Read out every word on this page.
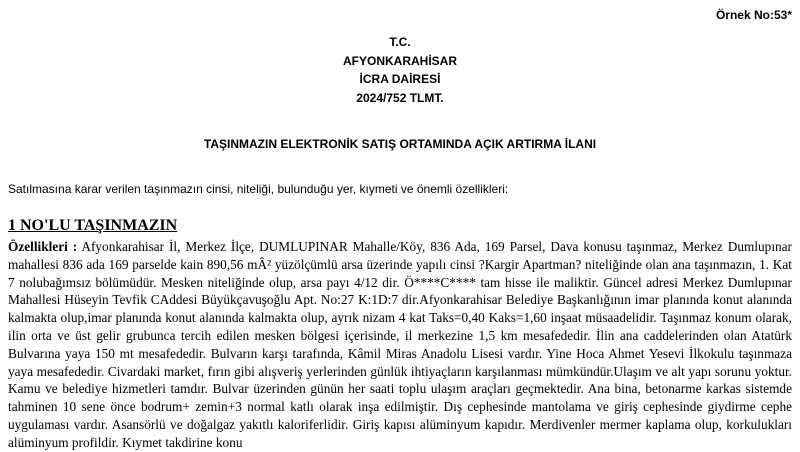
Örnek No:53*
T.C.
AFYONKARAHİSAR
İCRA DAİRESİ
2024/752 TLMT.
TAŞINMAZIN ELEKTRONİK SATIŞ ORTAMINDA AÇIK ARTIRMA İLANI
Satılmasına karar verilen taşınmazın cinsi, niteliği, bulunduğu yer, kıymeti ve önemli özellikleri:
1 NO'LU TAŞINMAZIN
Özellikleri : Afyonkarahisar İl, Merkez İlçe, DUMLUPINAR Mahalle/Köy, 836 Ada, 169 Parsel, Dava konusu taşınmaz, Merkez Dumlupınar mahallesi 836 ada 169 parselde kain 890,56 mÂ² yüzölçümlü arsa üzerinde yapılı cinsi ?Kargir Apartman? niteliğinde olan ana taşınmazın, 1. Kat 7 nolubağımsız bölümüdür. Mesken niteliğinde olup, arsa payı 4/12 dir. Ö****C**** tam hisse ile maliktir. Güncel adresi Merkez Dumlupınar Mahallesi Hüseyin Tevfik CAddesi Büyükçavuşoğlu Apt. No:27 K:1D:7 dir.Afyonkarahisar Belediye Başkanlığının imar planında konut alanında kalmakta olup,imar planında konut alanında kalmakta olup, ayrık nizam 4 kat Taks=0,40 Kaks=1,60 inşaat müsaadelidir. Taşınmaz konum olarak, ilin orta ve üst gelir grubunca tercih edilen mesken bölgesi içerisinde, il merkezine 1,5 km mesafededir. İlin ana caddelerinden olan Atatürk Bulvarına yaya 150 mt mesafededir. Bulvarın karşı tarafında, Kâmil Miras Anadolu Lisesi vardır. Yine Hoca Ahmet Yesevi İlkokulu taşınmaza yaya mesafededir. Civardaki market, fırın gibi alışveriş yerlerinden günlük ihtiyaçların karşılanması mümkündür.Ulaşım ve alt yapı sorunu yoktur. Kamu ve belediye hizmetleri tamdır. Bulvar üzerinden günün her saati toplu ulaşım araçları geçmektedir. Ana bina, betonarme karkas sistemde tahminen 10 sene önce bodrum+ zemin+3 normal katlı olarak inşa edilmiştir. Dış cephesinde mantolama ve giriş cephesinde giydirme cephe uygulaması vardır. Asansörlü ve doğalgaz yakıtlı kaloriferlidir. Giriş kapısı alüminyum kapıdır. Merdivenler mermer kaplama olup, korkulukları alüminyum profildir. Kıymet takdirine konu
